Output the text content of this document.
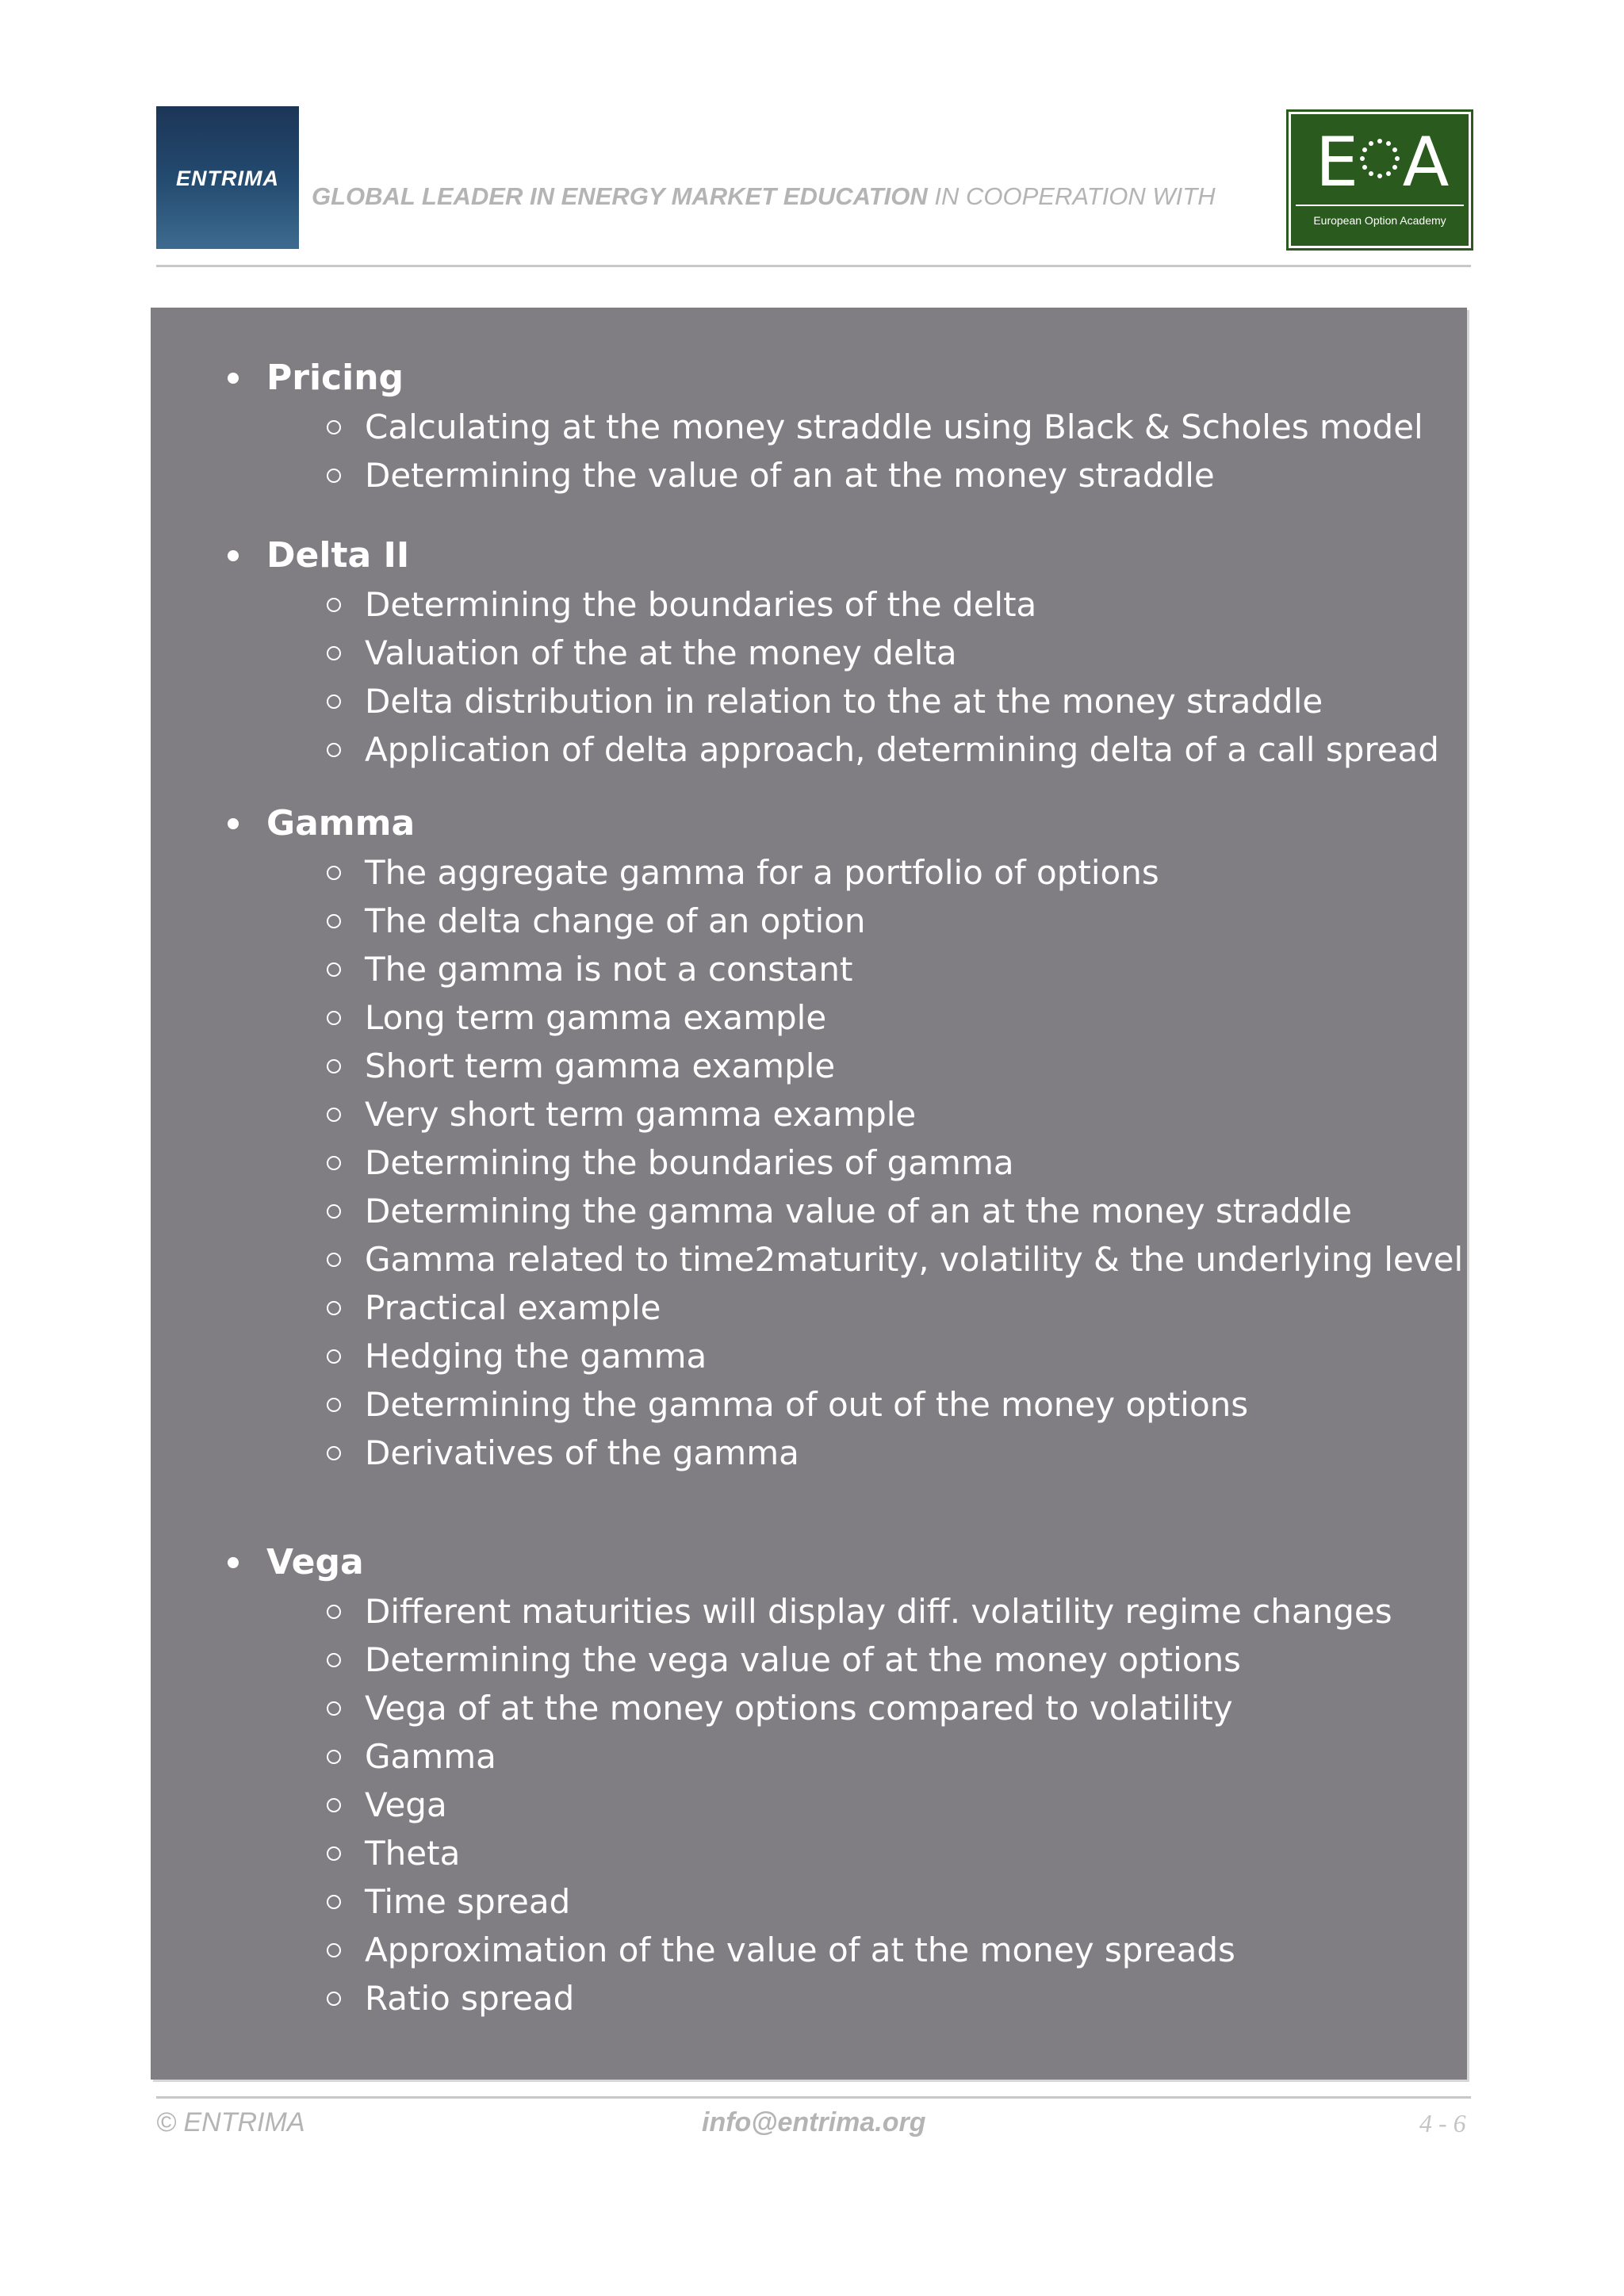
ENTRIMA
GLOBAL LEADER IN ENERGY MARKET EDUCATION IN COOPERATION WITH E A
European Option Academy
Pricing
Calculating at the money straddle using Black & Scholes model
Determining the value of an at the money straddle
Delta II
Determining the boundaries of the delta
Valuation of the at the money delta
Delta distribution in relation to the at the money straddle
Application of delta approach, determining delta of a call spread
Gamma
The aggregate gamma for a portfolio of options
The delta change of an option
The gamma is not a constant
Long term gamma example
Short term gamma example
Very short term gamma example
Determining the boundaries of gamma
Determining the gamma value of an at the money straddle
Gamma related to time2maturity, volatility & the underlying level
Practical example
Hedging the gamma
Determining the gamma of out of the money options
Derivatives of the gamma
Vega
Different maturities will display diff. volatility regime changes
Determining the vega value of at the money options
Vega of at the money options compared to volatility
Gamma
Vega
Theta
Time spread
Approximation of the value of at the money spreads
Ratio spread
© ENTRIMA	info@entrima.org	4 - 6
